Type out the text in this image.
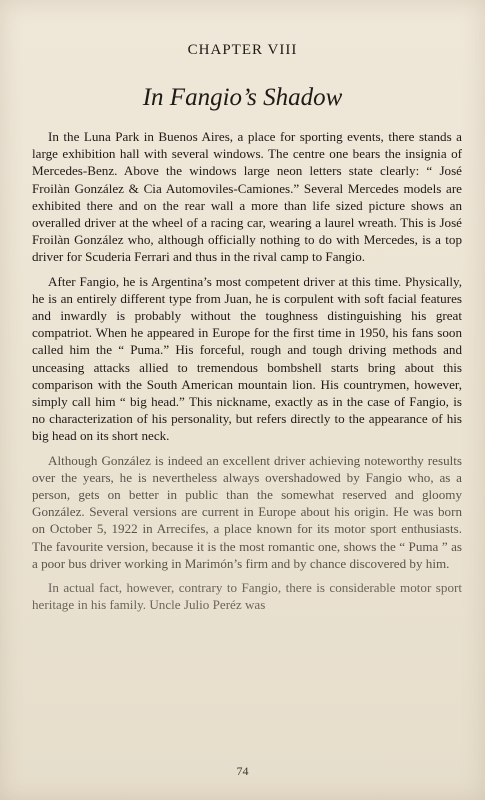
CHAPTER VIII
In Fangio’s Shadow

In the Luna Park in Buenos Aires, a place for sporting events, there stands a large exhibition hall with several windows. The centre one bears the insignia of Mercedes-Benz. Above the windows large neon letters state clearly: “ José Froilàn González & Cia Automoviles-Camiones.” Several Mercedes models are exhibited there and on the rear wall a more than life sized picture shows an overalled driver at the wheel of a racing car, wearing a laurel wreath. This is José Froilàn González who, although officially nothing to do with Mercedes, is a top driver for Scuderia Ferrari and thus in the rival camp to Fangio.

After Fangio, he is Argentina’s most competent driver at this time. Physically, he is an entirely different type from Juan, he is corpulent with soft facial features and inwardly is probably without the toughness distinguishing his great compatriot. When he appeared in Europe for the first time in 1950, his fans soon called him the “ Puma.” His forceful, rough and tough driving methods and unceasing attacks allied to tremendous bombshell starts bring about this comparison with the South American mountain lion. His countrymen, however, simply call him “ big head.” This nickname, exactly as in the case of Fangio, is no characterization of his personality, but refers directly to the appearance of his big head on its short neck.

Although González is indeed an excellent driver achieving noteworthy results over the years, he is nevertheless always overshadowed by Fangio who, as a person, gets on better in public than the somewhat reserved and gloomy González. Several versions are current in Europe about his origin. He was born on October 5, 1922 in Arrecifes, a place known for its motor sport enthusiasts. The favourite version, because it is the most romantic one, shows the “ Puma ” as a poor bus driver working in Marimón’s firm and by chance discovered by him.

In actual fact, however, contrary to Fangio, there is considerable motor sport heritage in his family. Uncle Julio Peréz was

74
